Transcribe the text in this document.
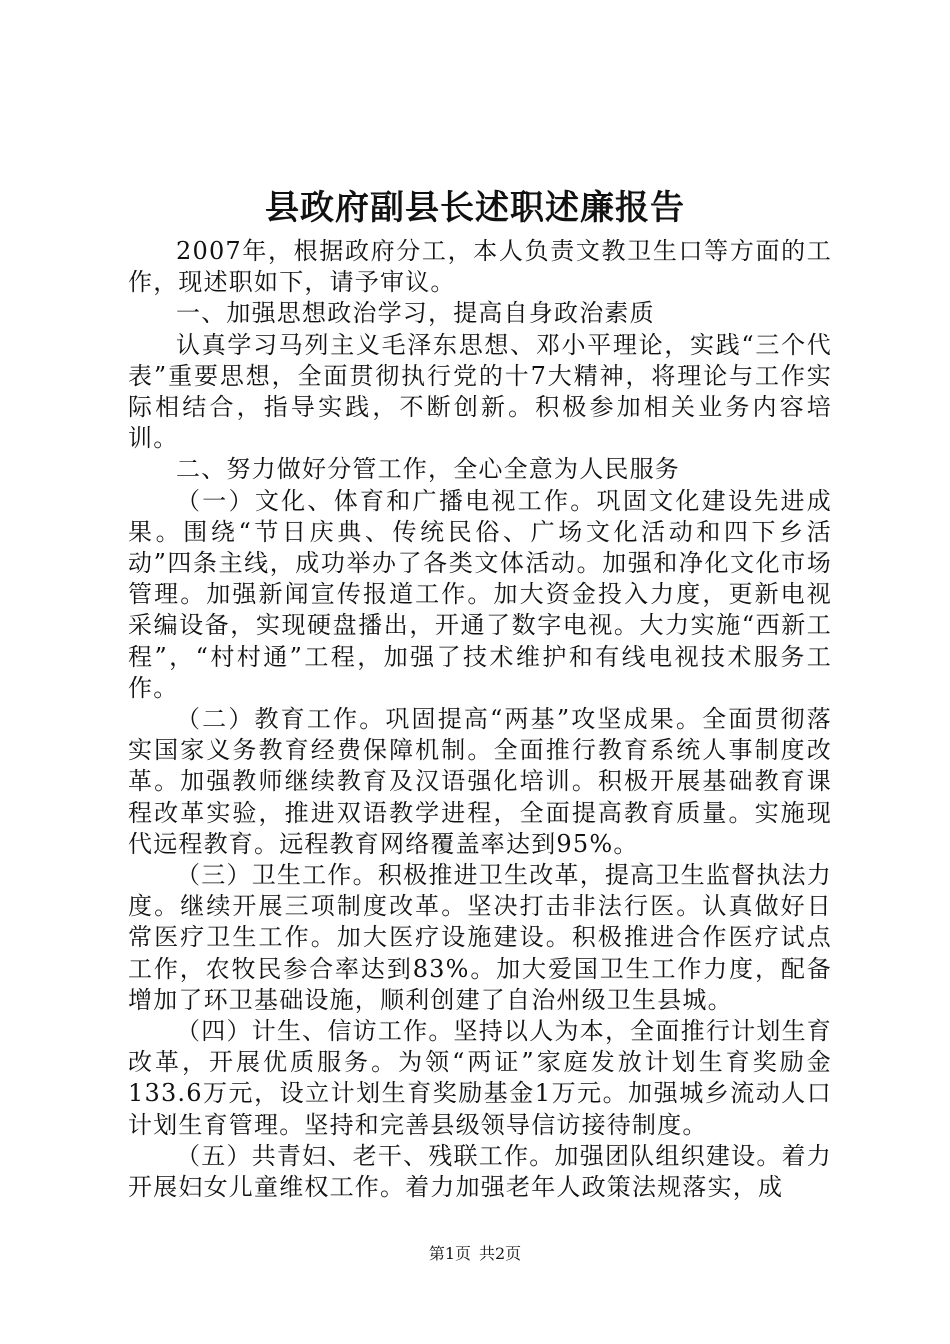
县政府副县长述职述廉报告

2007年，根据政府分工，本人负责文教卫生口等方面的工作，现述职如下，请予审议。

一、加强思想政治学习，提高自身政治素质

认真学习马列主义毛泽东思想、邓小平理论，实践“三个代表”重要思想，全面贯彻执行党的十7大精神，将理论与工作实际相结合，指导实践，不断创新。积极参加相关业务内容培训。

二、努力做好分管工作，全心全意为人民服务

（一）文化、体育和广播电视工作。巩固文化建设先进成果。围绕“节日庆典、传统民俗、广场文化活动和四下乡活动”四条主线，成功举办了各类文体活动。加强和净化文化市场管理。加强新闻宣传报道工作。加大资金投入力度，更新电视采编设备，实现硬盘播出，开通了数字电视。大力实施“西新工程”，“村村通”工程，加强了技术维护和有线电视技术服务工作。

（二）教育工作。巩固提高“两基”攻坚成果。全面贯彻落实国家义务教育经费保障机制。全面推行教育系统人事制度改革。加强教师继续教育及汉语强化培训。积极开展基础教育课程改革实验，推进双语教学进程，全面提高教育质量。实施现代远程教育。远程教育网络覆盖率达到95%。

（三）卫生工作。积极推进卫生改革，提高卫生监督执法力度。继续开展三项制度改革。坚决打击非法行医。认真做好日常医疗卫生工作。加大医疗设施建设。积极推进合作医疗试点工作，农牧民参合率达到83%。加大爱国卫生工作力度，配备增加了环卫基础设施，顺利创建了自治州级卫生县城。

（四）计生、信访工作。坚持以人为本，全面推行计划生育改革，开展优质服务。为领“两证”家庭发放计划生育奖励金133.6万元，设立计划生育奖励基金1万元。加强城乡流动人口计划生育管理。坚持和完善县级领导信访接待制度。

（五）共青妇、老干、残联工作。加强团队组织建设。着力开展妇女儿童维权工作。着力加强老年人政策法规落实，成

第1页 共2页
